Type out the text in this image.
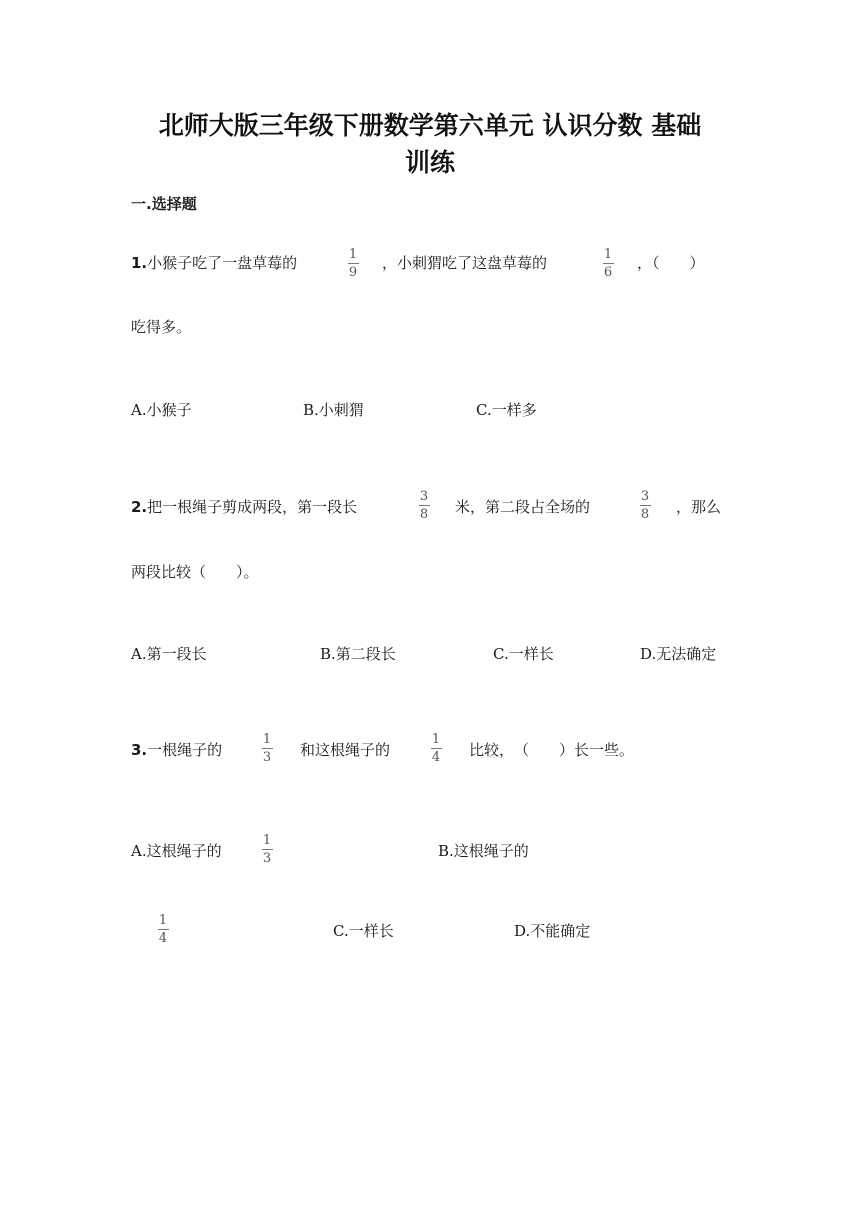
北师大版三年级下册数学第六单元 认识分数 基础
训练
一.选择题
1.小猴子吃了一盘草莓的	1
9
，小刺猬吃了这盘草莓的	1
6
，（　　）
吃得多。
A.小猴子	B.小刺猬	C.一样多
2.把一根绳子剪成两段，第一段长
3
8 米，第二段占全场的
3
8 ，那么
两段比较（　　）。
A.第一段长	B.第二段长	C.一样长	D.无法确定
3.一根绳子的
1
3 和这根绳子的
1
4 比较，　（　　）长一些。
A.这根绳子的
1
3	B.这根绳子的
1
4	C.一样长	D.不能确定
